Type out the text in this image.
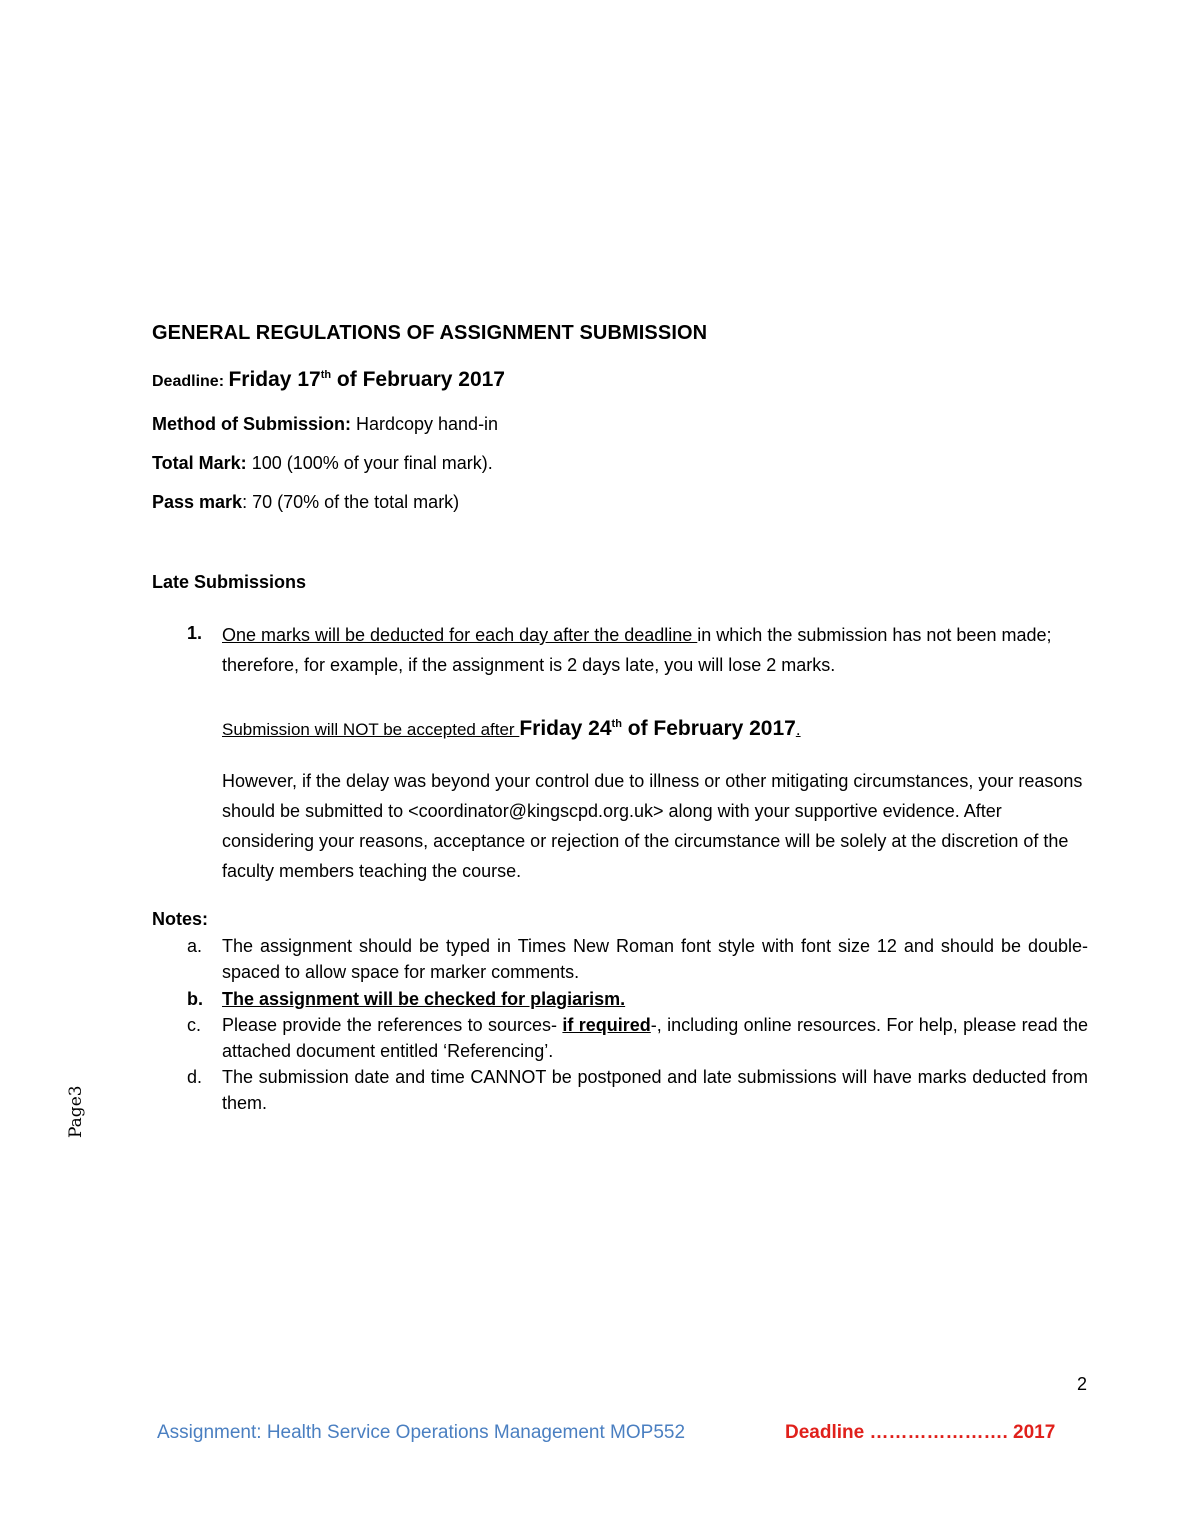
GENERAL REGULATIONS OF ASSIGNMENT SUBMISSION

Deadline: Friday 17th of February 2017

Method of Submission: Hardcopy hand-in

Total Mark: 100 (100% of your final mark).

Pass mark: 70 (70% of the total mark)

Late Submissions
1. One marks will be deducted for each day after the deadline in which the submission has not been made; therefore, for example, if the assignment is 2 days late, you will lose 2 marks.

Submission will NOT be accepted after Friday 24th of February 2017.

However, if the delay was beyond your control due to illness or other mitigating circumstances, your reasons should be submitted to <coordinator@kingscpd.org.uk> along with your supportive evidence. After considering your reasons, acceptance or rejection of the circumstance will be solely at the discretion of the faculty members teaching the course.

Notes:
a. The assignment should be typed in Times New Roman font style with font size 12 and should be double-spaced to allow space for marker comments.

b. The assignment will be checked for plagiarism.

c. Please provide the references to sources- if required-, including online resources. For help, please read the attached document entitled ‘Referencing’.

d. The submission date and time CANNOT be postponed and late submissions will have marks deducted from them.

Page3
2
Assignment: Health Service Operations Management MOP552	Deadline …………………. 2017
